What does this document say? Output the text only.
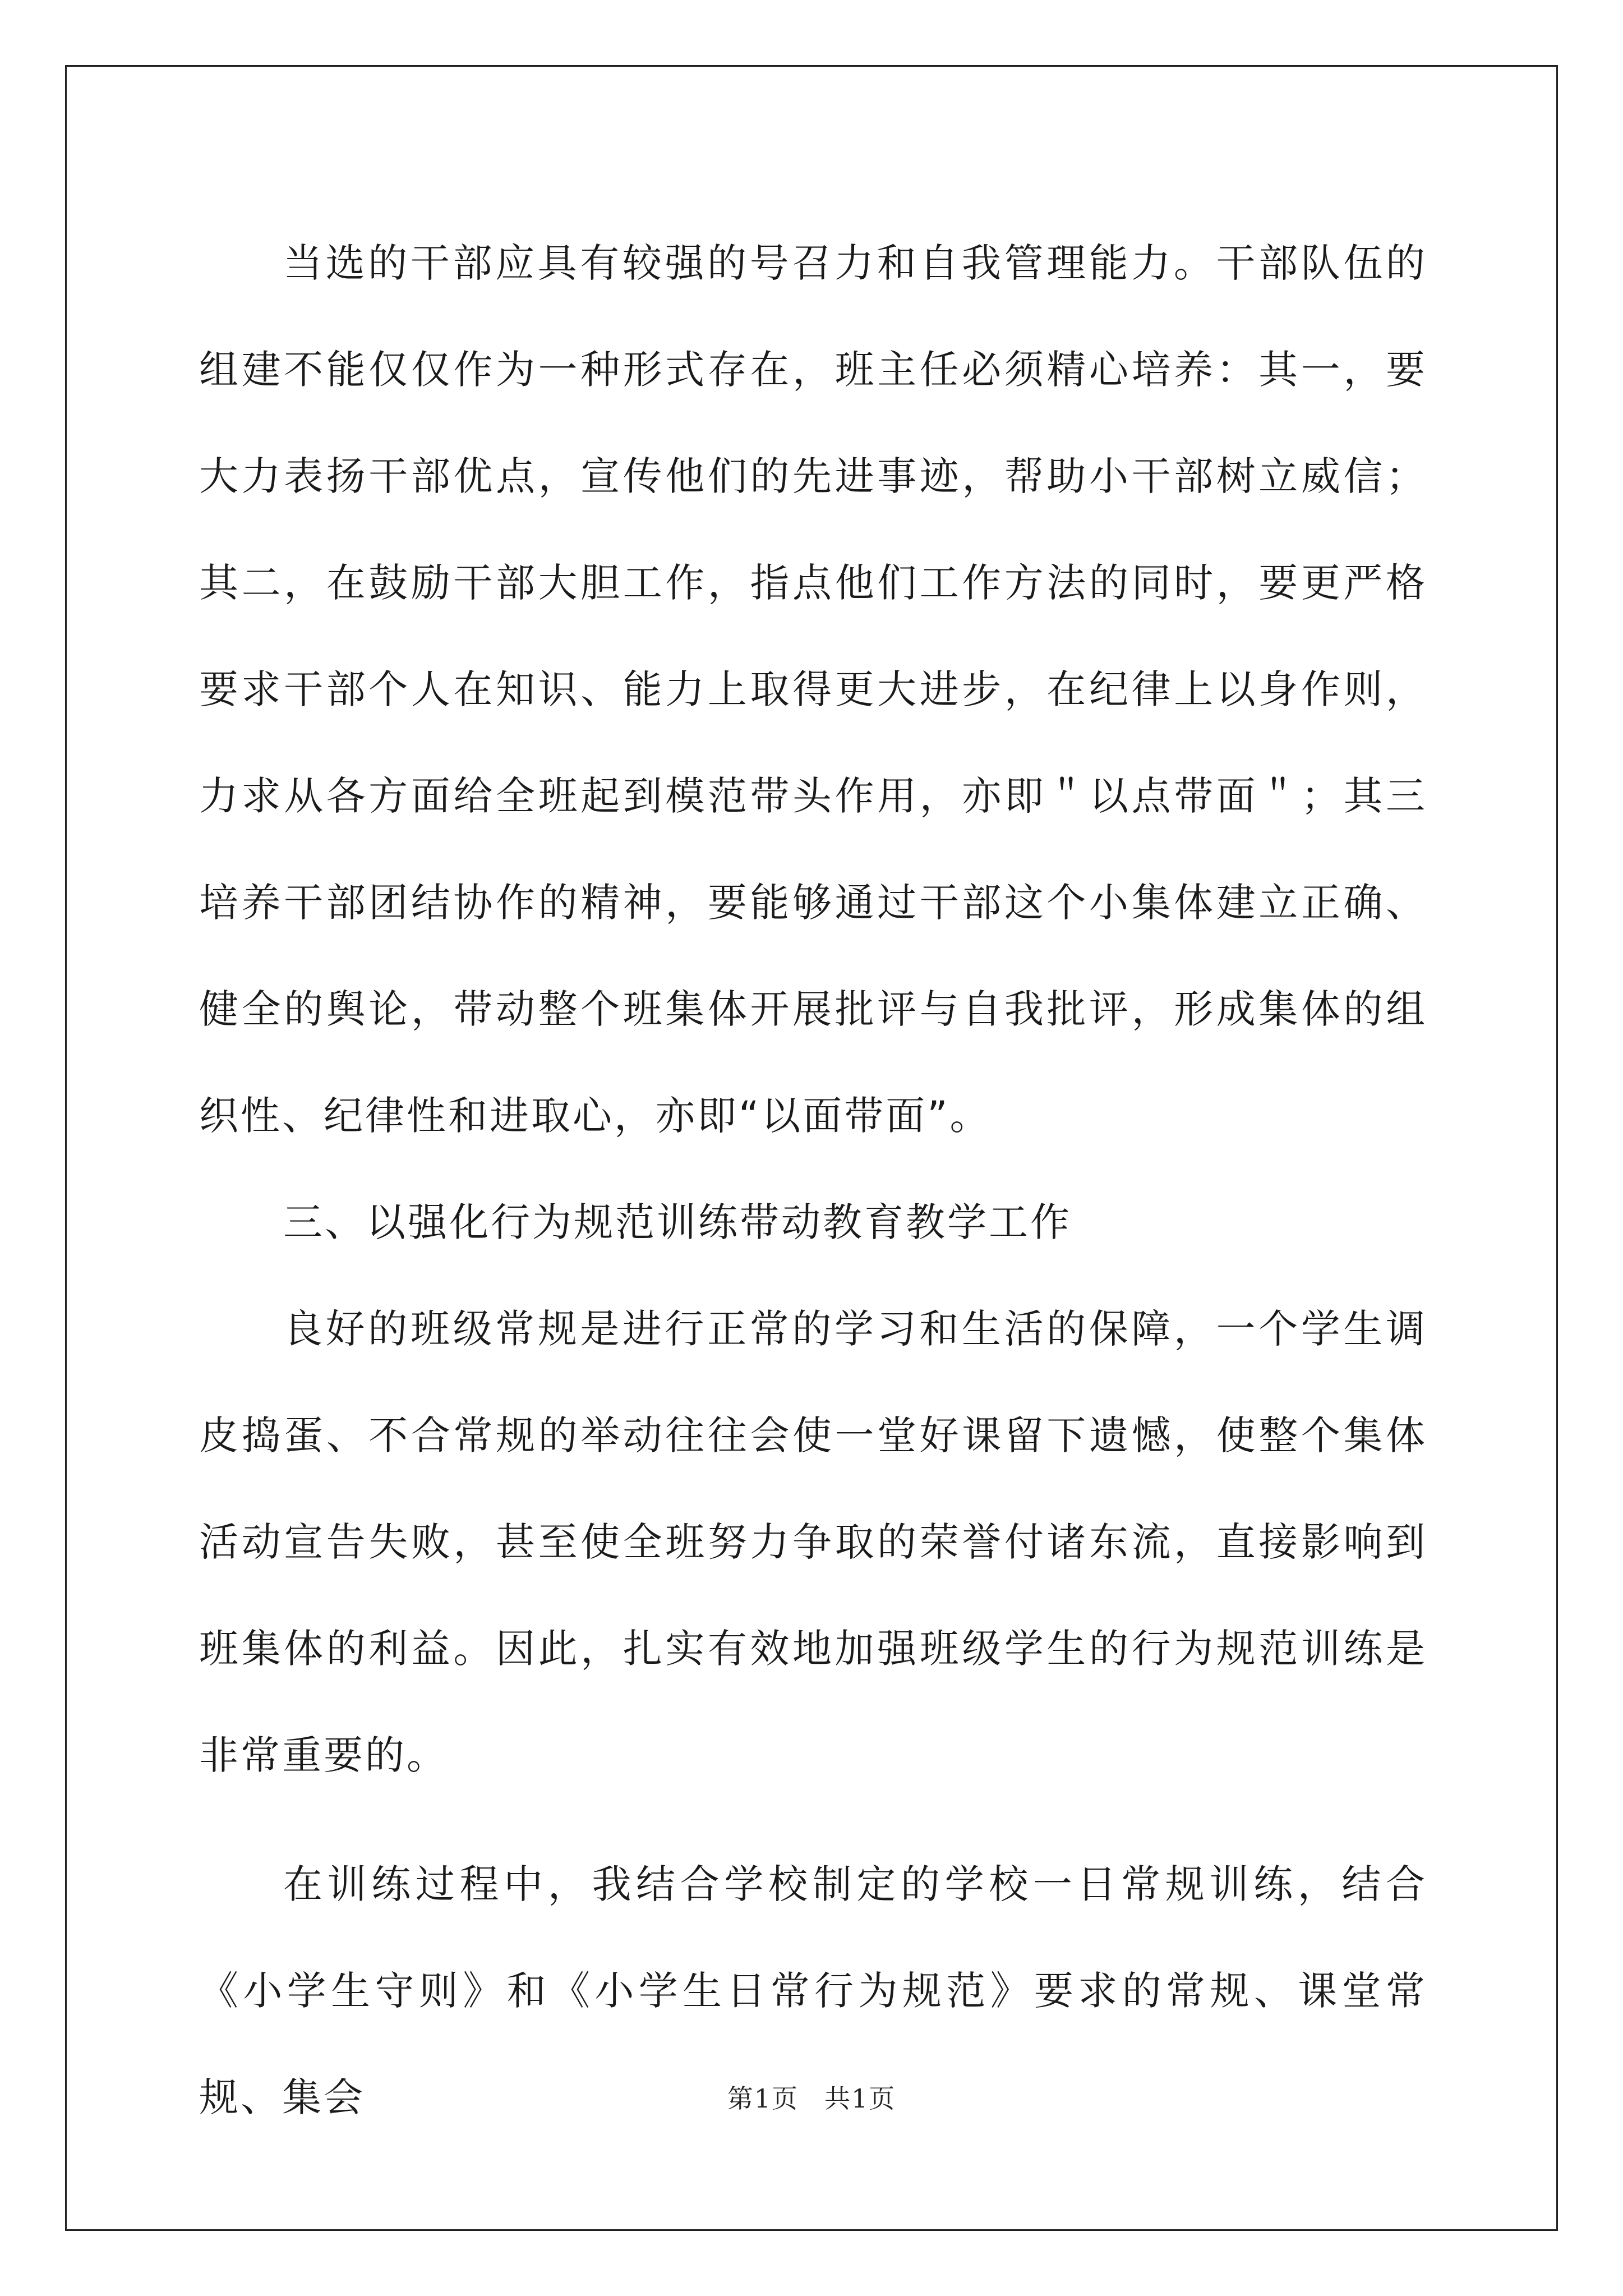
当选的干部应具有较强的号召力和自我管理能力。干部队伍的组建不能仅仅作为一种形式存在，班主任必须精心培养：其一，要大力表扬干部优点，宣传他们的先进事迹，帮助小干部树立威信；其二，在鼓励干部大胆工作，指点他们工作方法的同时，要更严格要求干部个人在知识、能力上取得更大进步，在纪律上以身作则，力求从各方面给全班起到模范带头作用，亦即＂以点带面＂；其三培养干部团结协作的精神，要能够通过干部这个小集体建立正确、健全的舆论，带动整个班集体开展批评与自我批评，形成集体的组织性、纪律性和进取心，亦即“以面带面”。

三、以强化行为规范训练带动教育教学工作

良好的班级常规是进行正常的学习和生活的保障，一个学生调皮捣蛋、不合常规的举动往往会使一堂好课留下遗憾，使整个集体活动宣告失败，甚至使全班努力争取的荣誉付诸东流，直接影响到班集体的利益。因此，扎实有效地加强班级学生的行为规范训练是非常重要的。

在训练过程中，我结合学校制定的学校一日常规训练，结合《小学生守则》和《小学生日常行为规范》要求的常规、课堂常规、集会	第1页 共1页
